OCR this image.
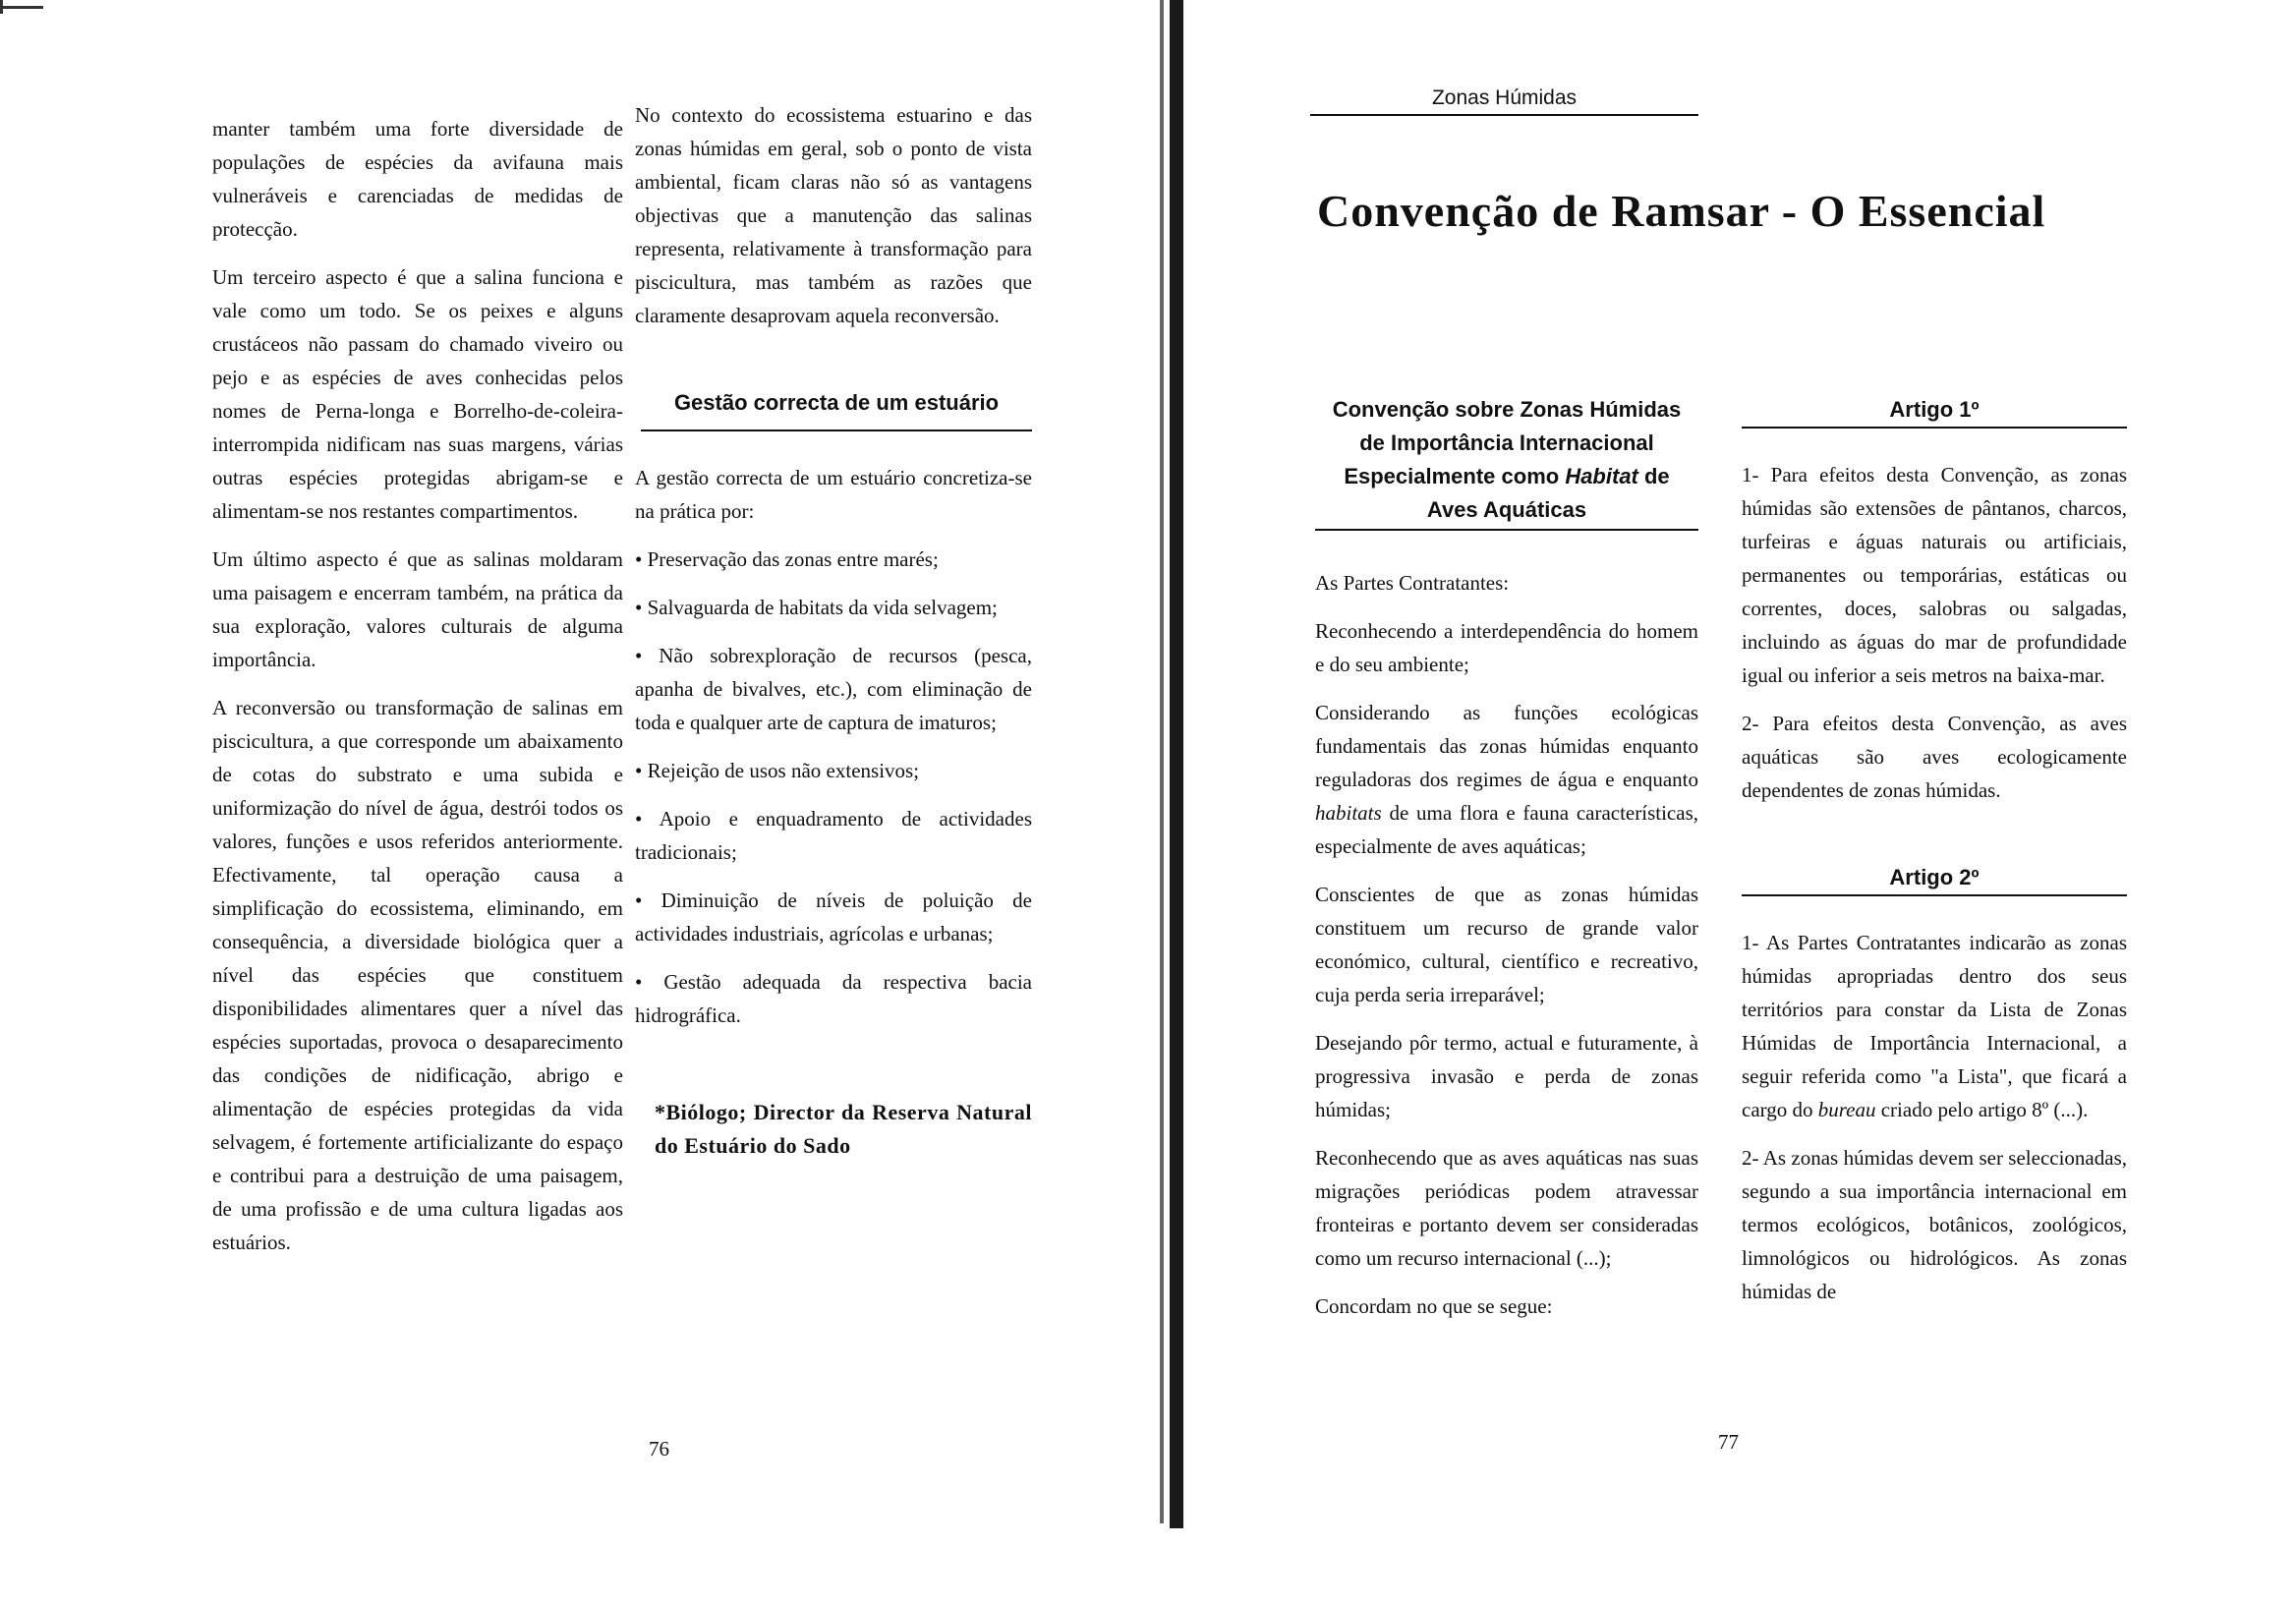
manter também uma forte diversidade de populações de espécies da avifauna mais vulneráveis e carenciadas de medidas de protecção.

Um terceiro aspecto é que a salina funciona e vale como um todo. Se os peixes e alguns crustáceos não passam do chamado viveiro ou pejo e as espécies de aves conhecidas pelos nomes de Perna-longa e Borrelho-de-coleira-interrompida nidificam nas suas margens, várias outras espécies protegidas abrigam-se e alimentam-se nos restantes compartimentos.

Um último aspecto é que as salinas moldaram uma paisagem e encerram também, na prática da sua exploração, valores culturais de alguma importância.

A reconversão ou transformação de salinas em piscicultura, a que corresponde um abaixamento de cotas do substrato e uma subida e uniformização do nível de água, destrói todos os valores, funções e usos referidos anteriormente. Efectivamente, tal operação causa a simplificação do ecossistema, eliminando, em consequência, a diversidade biológica quer a nível das espécies que constituem disponibilidades alimentares quer a nível das espécies suportadas, provoca o desaparecimento das condições de nidificação, abrigo e alimentação de espécies protegidas da vida selvagem, é fortemente artificializante do espaço e contribui para a destruição de uma paisagem, de uma profissão e de uma cultura ligadas aos estuários.

No contexto do ecossistema estuarino e das zonas húmidas em geral, sob o ponto de vista ambiental, ficam claras não só as vantagens objectivas que a manutenção das salinas representa, relativamente à transformação para piscicultura, mas também as razões que claramente desaprovam aquela reconversão.

Gestão correcta de um estuário

A gestão correcta de um estuário concretiza-se na prática por:

• Preservação das zonas entre marés;

• Salvaguarda de habitats da vida selvagem;

• Não sobrexploração de recursos (pesca, apanha de bivalves, etc.), com eliminação de toda e qualquer arte de captura de imaturos;

• Rejeição de usos não extensivos;

• Apoio e enquadramento de actividades tradicionais;

• Diminuição de níveis de poluição de actividades industriais, agrícolas e urbanas;

• Gestão adequada da respectiva bacia hidrográfica.

*Biólogo; Director da Reserva Natural do Estuário do Sado

76
Zonas Húmidas
Convenção de Ramsar - O Essencial
Convenção sobre Zonas Húmidas
de Importância Internacional
Especialmente como Habitat de
Aves Aquáticas

As Partes Contratantes:

Reconhecendo a interdependência do homem e do seu ambiente;

Considerando as funções ecológicas fundamentais das zonas húmidas enquanto reguladoras dos regimes de água e enquanto habitats de uma flora e fauna características, especialmente de aves aquáticas;

Conscientes de que as zonas húmidas constituem um recurso de grande valor económico, cultural, científico e recreativo, cuja perda seria irreparável;

Desejando pôr termo, actual e futuramente, à progressiva invasão e perda de zonas húmidas;

Reconhecendo que as aves aquáticas nas suas migrações periódicas podem atravessar fronteiras e portanto devem ser consideradas como um recurso internacional (...);

Concordam no que se segue:

Artigo 1º

1- Para efeitos desta Convenção, as zonas húmidas são extensões de pântanos, charcos, turfeiras e águas naturais ou artificiais, permanentes ou temporárias, estáticas ou correntes, doces, salobras ou salgadas, incluindo as águas do mar de profundidade igual ou inferior a seis metros na baixa-mar.

2- Para efeitos desta Convenção, as aves aquáticas são aves ecologicamente dependentes de zonas húmidas.

Artigo 2º

1- As Partes Contratantes indicarão as zonas húmidas apropriadas dentro dos seus territórios para constar da Lista de Zonas Húmidas de Importância Internacional, a seguir referida como "a Lista", que ficará a cargo do bureau criado pelo artigo 8º (...).

2- As zonas húmidas devem ser seleccionadas, segundo a sua importância internacional em termos ecológicos, botânicos, zoológicos, limnológicos ou hidrológicos. As zonas húmidas de

77
